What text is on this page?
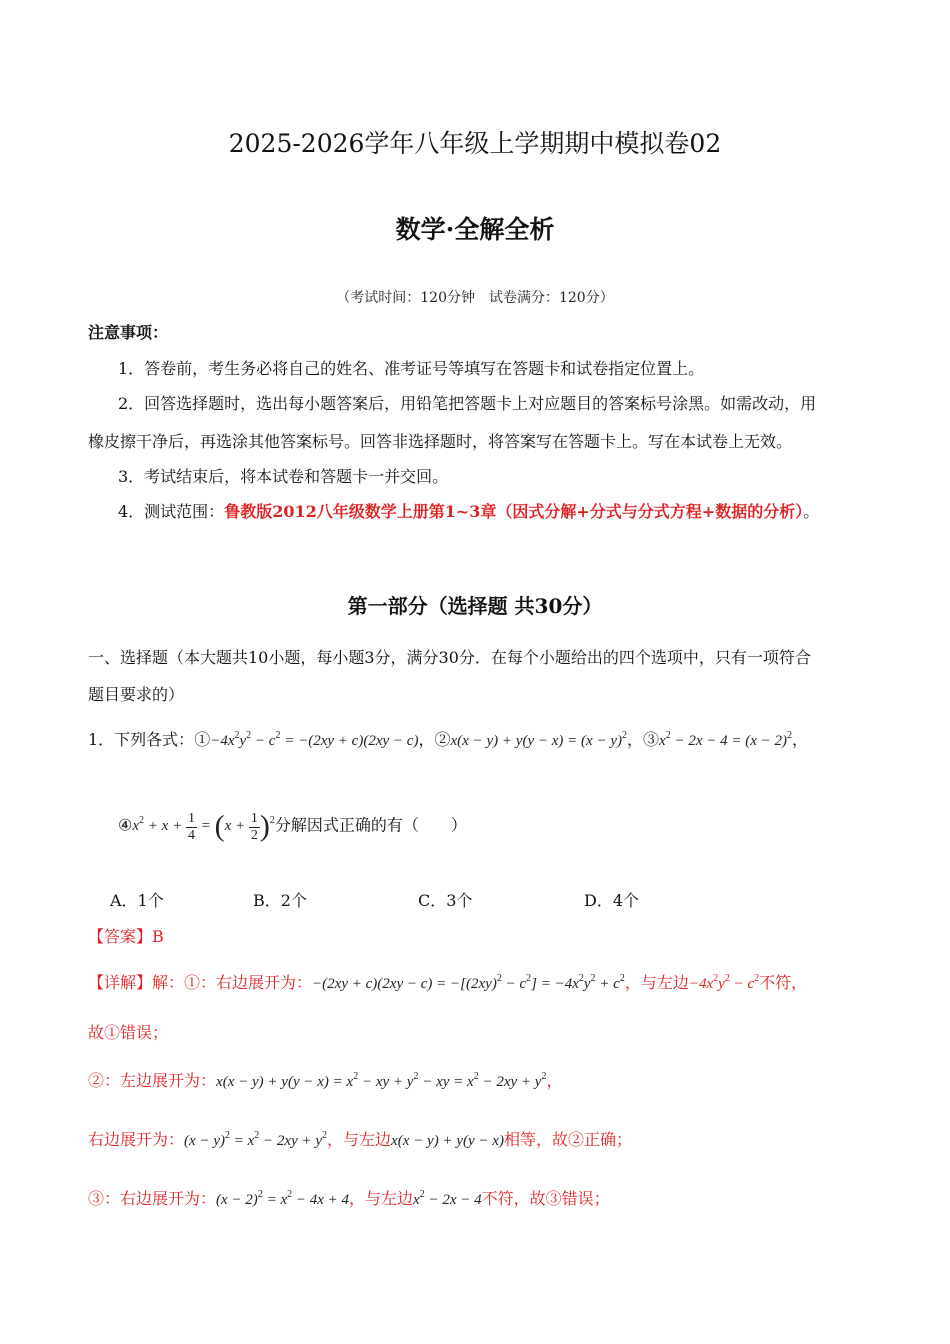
2025-2026学年八年级上学期期中模拟卷02
数学·全解全析
（考试时间：120分钟　试卷满分：120分）
注意事项：
1．答卷前，考生务必将自己的姓名、准考证号等填写在答题卡和试卷指定位置上。
2．回答选择题时，选出每小题答案后，用铅笔把答题卡上对应题目的答案标号涂黑。如需改动，用
橡皮擦干净后，再选涂其他答案标号。回答非选择题时，将答案写在答题卡上。写在本试卷上无效。
3．考试结束后，将本试卷和答题卡一并交回。
4．测试范围：鲁教版2012八年级数学上册第1~3章（因式分解+分式与分式方程+数据的分析）。
第一部分（选择题 共30分）
一、选择题（本大题共10小题，每小题3分，满分30分．在每个小题给出的四个选项中，只有一项符合
题目要求的）
1．下列各式：$①-4x^2y^2 - c^2 = -(2xy + c)(2xy - c)$，②x(x − $y) + y(y - x) = (x - y)^2$，$③x^2 - 2x - 4 = (x - 2)^2$，
$④x^2 + x + \frac{1}{4} = (x + \frac{1}{2} )^2$分解因式正确的有（　　）
A．1个	B．2个	C．3个	D．4个
【答案】B
【详解】解：①：右边展开为：$-(2xy + c)(2xy - c) = -[(2xy)^2 - c^2] = -4x^2y^2 + c^2$，与左边$-4x^2y^2 - c^2$不符，
故①错误；
②：左边展开为：$x(x - y) + y(y - x) = x^2$ − xy + $y^2$ − xy = $x^2 - 2xy + y^2$，
右边展开为：$(x - y)^2 = x^2 - 2xy + y^2$，与左边x(x − y) + y(y − x)相等，故②正确；
③：右边展开为：$(x - 2)^2 = x^2 - 4x + 4$，与左边$x^2 - 2x - 4$不符，故③错误；
